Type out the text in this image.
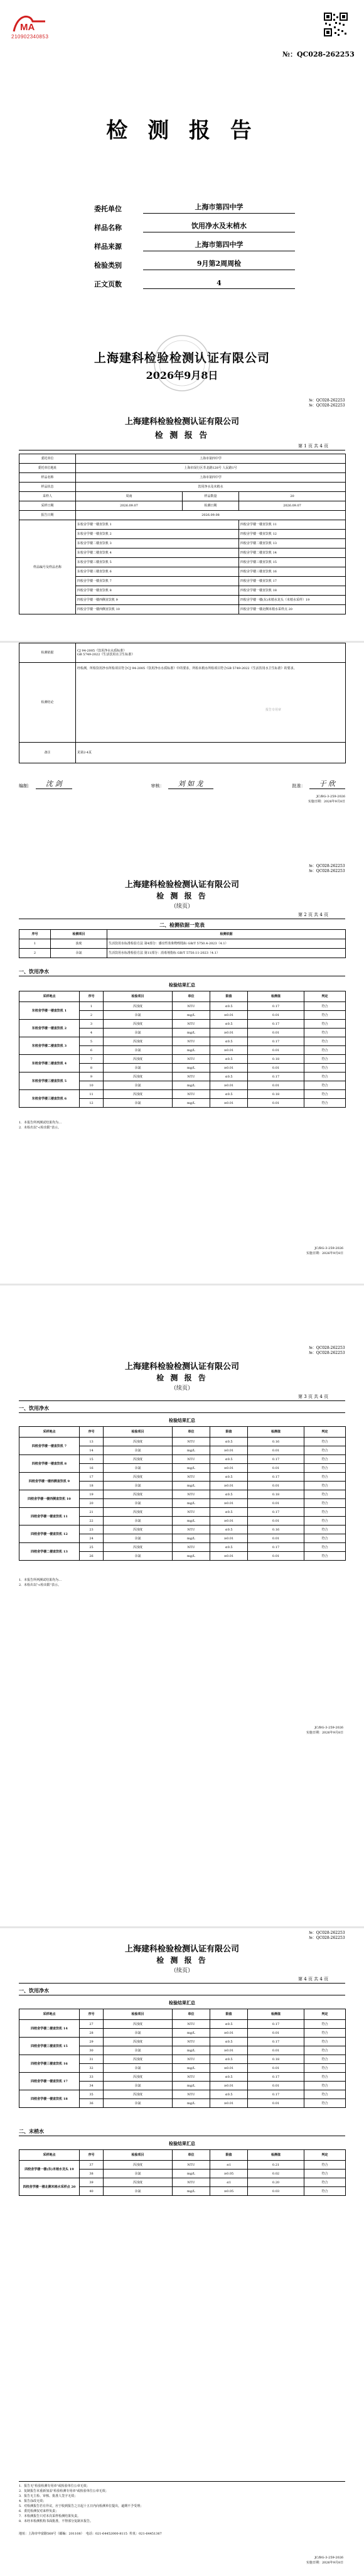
MA
210902340853
№：QC028-262253
检 测 报 告
委托单位	上海市第四中学
样品名称	饮用净水及末梢水
样品来源	上海市第四中学
检验类别	9月第2周周检
正文页数	4
上海建科检验检测认证有限公司
2026年9月8日
№：QC028-262253
№：QC028-262253
上海建科检验检测认证有限公司
检 测 报 告
第 1 页 共 4 页
委托单位	上海市第四中学		
委托单位地址	上海市闵行区莘北路128号 人民路1号		
样品名称	上海市第四中学		
样品状态	饮用净水及末梢水		
采样人	周南	样品数量	20
采样日期	2026.09.07	检测日期	2026.09.07
报告日期	2026.09.08		
样品编号及样品名称	东校舍学楼一楼直饮机 1		四校舍学楼一楼直饮机 11
	东校舍学楼一楼直饮机 2		四校舍学楼一楼直饮机 12
	东校舍学楼二楼直饮机 3		四校舍学楼二楼直饮机 13
	东校舍学楼二楼直饮机 4		四校舍学楼二楼直饮机 14
	东校舍学楼三楼直饮机 5		四校舍学楼三楼直饮机 15
	东校舍学楼三楼直饮机 6		四校舍学楼三楼直饮机 16
	四校舍学楼一楼直饮机 7		四校舍学楼一楼直饮机 17
	四校舍学楼一楼直饮机 8		四校舍学楼一楼直饮机 18
	四校舍学楼一楼西侧直饮机 9		四校舍学楼一楼(东)末梢水龙头（末梢水采样）19
	四校舍学楼一楼西侧直饮机 10		四校舍学楼一楼北侧末梢水采样点 20
检测依据	CJ 94-2005《饮用净水水质标准》
GB 5749-2022《生活饮用水卫生标准》

检测结论	经检测，所检饮用净水所检项目符合CJ 94-2005《饮用净水水质标准》中的要求，所检末梢水所检项目符合GB 5749-2022《生活饮用水卫生标准》的要求。
报告专用章

备注	见第2-4页
编制：	沈 剑	审核：	刘 如 龙	批准：	于 欣
JC/BG-3-259-2026
实施日期：2026年9月8日
№：QC028-262253
№：QC028-262253
上海建科检验检测认证有限公司
检 测 报 告
（续页）
第 2 页 共 4 页
二、检测依据一览表
序号	检测项目	检测依据
1	浊度	生活饮用水标准检验方法 第4部分：感官性状和物理指标 GB/T 5750.4-2023（4.1）
2	余氯	生活饮用水标准检验方法 第11部分：消毒剂指标 GB/T 5750.11-2023（4.1）
一、饮用净水
检验结果汇总
采样地点	序号	检验项目	单位	限值	检测值	判定
东校舍学楼一楼直饮机 1	1	浑浊度	NTU	≤0.5	0.17	符合
	2	余氯	mg/L	≥0.01	0.01	符合
东校舍学楼一楼直饮机 2	3	浑浊度	NTU	≤0.5	0.17	符合
	4	余氯	mg/L	≥0.01	0.01	符合
东校舍学楼二楼直饮机 3	5	浑浊度	NTU	≤0.5	0.17	符合
	6	余氯	mg/L	≥0.01	0.01	符合
东校舍学楼二楼直饮机 4	7	浑浊度	NTU	≤0.5	0.18	符合
	8	余氯	mg/L	≥0.01	0.01	符合
东校舍学楼三楼直饮机 5	9	浑浊度	NTU	≤0.5	0.17	符合
	10	余氯	mg/L	≥0.01	0.01	符合
东校舍学楼三楼直饮机 6	11	浑浊度	NTU	≤0.5	0.18	符合
	12	余氯	mg/L	≥0.01	0.01	符合
1．本报告所列测试结果均为…
2．未检出以"<检出限"表示。
JC/BG-3-259-2026
实施日期：2026年9月8日
№：QC028-262253
№：QC028-262253
上海建科检验检测认证有限公司
检 测 报 告
（续页）
第 3 页 共 4 页
一、饮用净水
检验结果汇总
采样地点	序号	检验项目	单位	限值	检测值	判定
四校舍学楼一楼直饮机 7	13	浑浊度	NTU	≤0.5	0.16	符合
	14	余氯	mg/L	≥0.01	0.01	符合
四校舍学楼一楼直饮机 8	15	浑浊度	NTU	≤0.5	0.17	符合
	16	余氯	mg/L	≥0.01	0.01	符合
四校舍学楼一楼西侧直饮机 9	17	浑浊度	NTU	≤0.5	0.17	符合
	18	余氯	mg/L	≥0.01	0.01	符合
四校舍学楼一楼西侧直饮机 10	19	浑浊度	NTU	≤0.5	0.18	符合
	20	余氯	mg/L	≥0.01	0.01	符合
四校舍学楼一楼直饮机 11	21	浑浊度	NTU	≤0.5	0.17	符合
	22	余氯	mg/L	≥0.01	0.01	符合
四校舍学楼一楼直饮机 12	23	浑浊度	NTU	≤0.5	0.16	符合
	24	余氯	mg/L	≥0.01	0.01	符合
四校舍学楼二楼直饮机 13	25	浑浊度	NTU	≤0.5	0.17	符合
	26	余氯	mg/L	≥0.01	0.01	符合
1．本报告所列测试结果均为…
2．未检出以"<检出限"表示。
JC/BG-3-259-2026
实施日期：2026年9月8日
№：QC028-262253
№：QC028-262253
上海建科检验检测认证有限公司
检 测 报 告
（续页）
第 4 页 共 4 页
一、饮用净水
检验结果汇总
采样地点	序号	检验项目	单位	限值	检测值	判定
四校舍学楼二楼直饮机 14	27	浑浊度	NTU	≤0.5	0.17	符合
	28	余氯	mg/L	≥0.01	0.01	符合
四校舍学楼三楼直饮机 15	29	浑浊度	NTU	≤0.5	0.17	符合
	30	余氯	mg/L	≥0.01	0.01	符合
四校舍学楼三楼直饮机 16	31	浑浊度	NTU	≤0.5	0.18	符合
	32	余氯	mg/L	≥0.01	0.01	符合
四校舍学楼一楼直饮机 17	33	浑浊度	NTU	≤0.5	0.17	符合
	34	余氯	mg/L	≥0.01	0.01	符合
四校舍学楼一楼直饮机 18	35	浑浊度	NTU	≤0.5	0.17	符合
	36	余氯	mg/L	≥0.01	0.01	符合
二、末梢水
检验结果汇总
采样地点	序号	检验项目	单位	限值	检测值	判定
四校舍学楼一楼(东)末梢水龙头 19	37	浑浊度	NTU	≤1	0.21	符合
	38	余氯	mg/L	≥0.05	0.02	符合
四校舍学楼一楼北侧末梢水采样点 20	39	浑浊度	NTU	≤1	0.20	符合
	40	余氯	mg/L	≥0.05	0.03	符合
1．报告无"检验检测专用章"或检验单位公章无效；
2．复制报告未重新加盖"检验检测专用章"或检验单位公章无效；
3．报告无主检、审核、批准人签字无效；
4．报告涂改无效；
5．对检测报告若有异议，应于收到报告之日起十五日内向检测单位提出，逾期不予受理；
6．委托检测仅对来样负责；
7．本检测报告只对本次采样检测结果负责。
8．未经本检测机构书面批准，不得部分复制本报告。
地址：上海市申富路568号（邮编：201108） 电话：021-64452000-8115 传真：021-64451367
JC/BG-3-259-2026
实施日期：2026年9月8日
